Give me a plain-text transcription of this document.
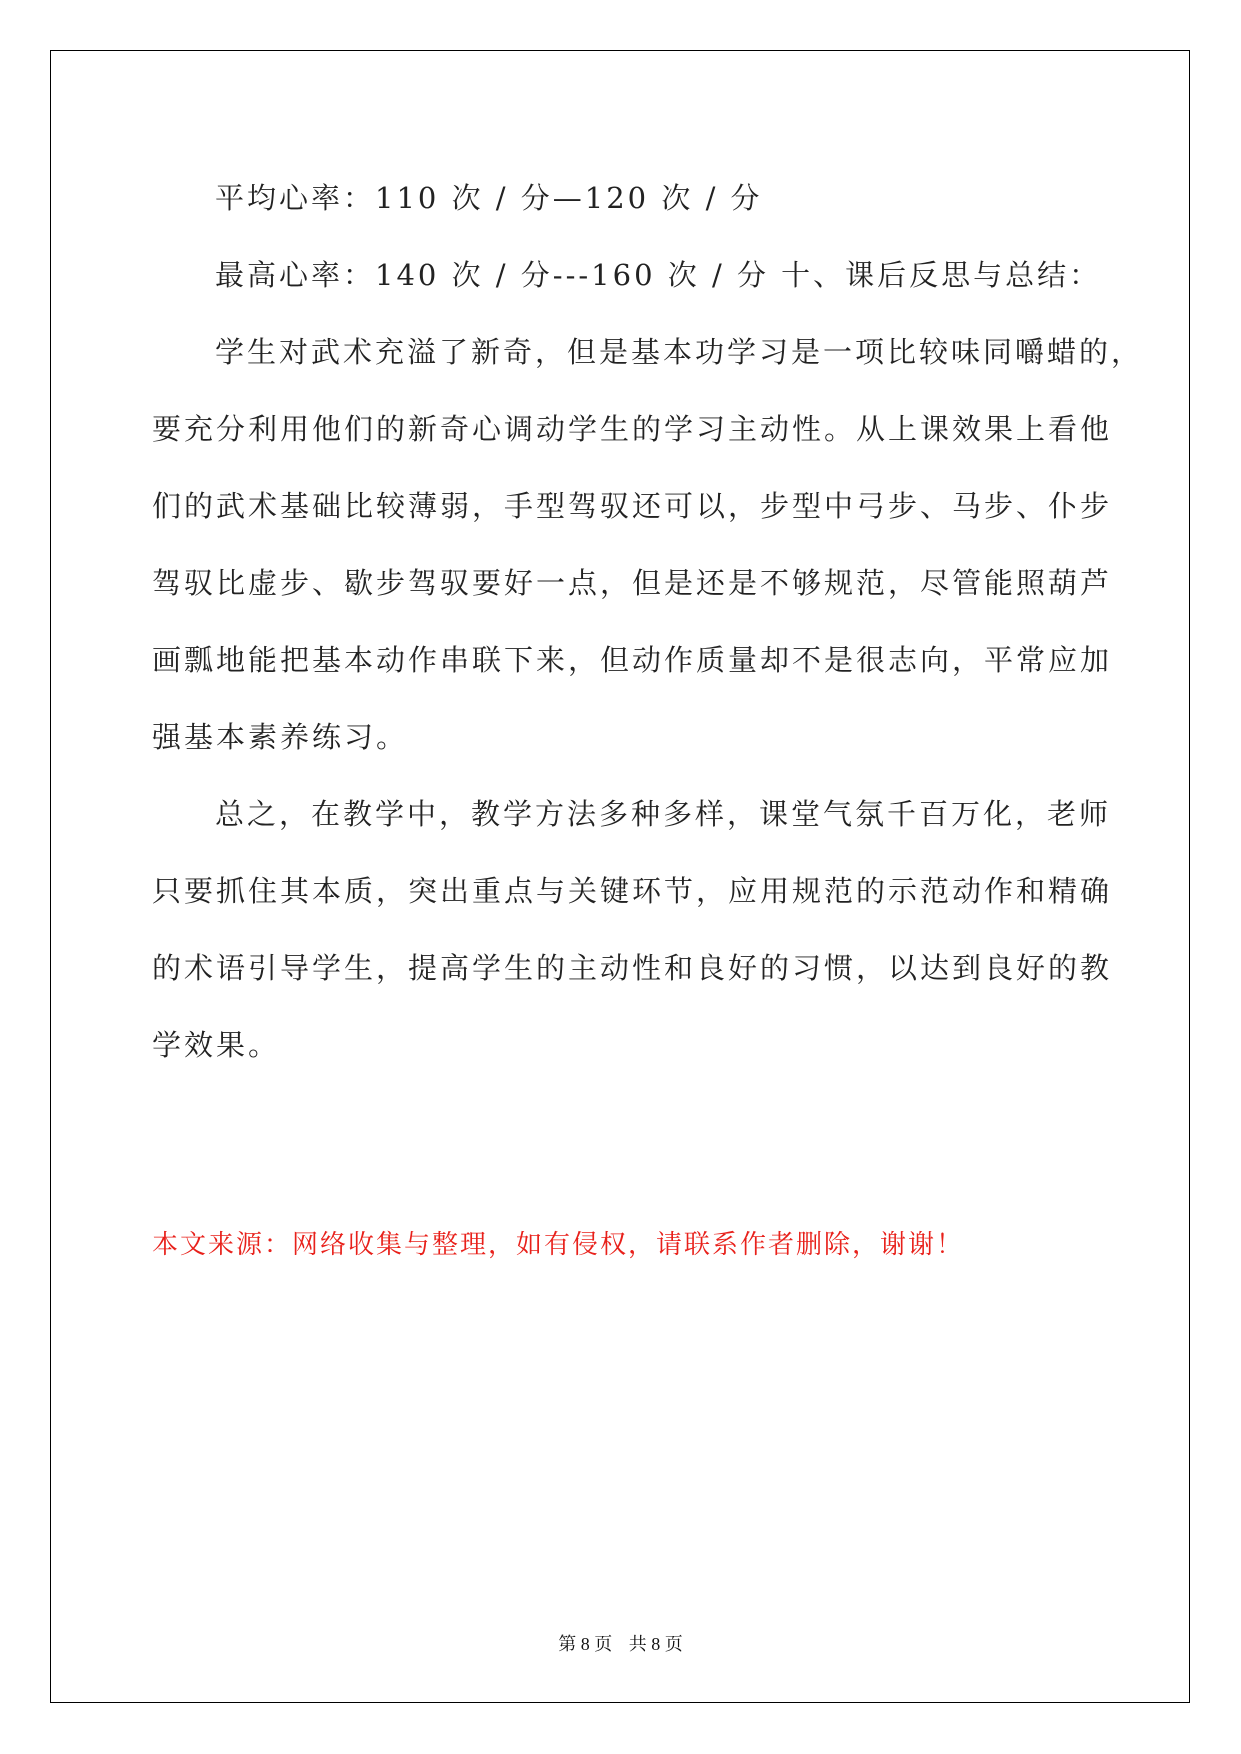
平均心率：110 次 / 分—120 次 / 分
最高心率：140 次 / 分---160 次 / 分 十、课后反思与总结：
学生对武术充溢了新奇，但是基本功学习是一项比较味同嚼蜡的，
要充分利用他们的新奇心调动学生的学习主动性。从上课效果上看他
们的武术基础比较薄弱，手型驾驭还可以，步型中弓步、马步、仆步
驾驭比虚步、歇步驾驭要好一点，但是还是不够规范，尽管能照葫芦
画瓢地能把基本动作串联下来，但动作质量却不是很志向，平常应加
强基本素养练习。
总之，在教学中，教学方法多种多样，课堂气氛千百万化，老师
只要抓住其本质，突出重点与关键环节，应用规范的示范动作和精确
的术语引导学生，提高学生的主动性和良好的习惯，以达到良好的教
学效果。
本文来源：网络收集与整理，如有侵权，请联系作者删除，谢谢！
第 8 页 共 8 页
